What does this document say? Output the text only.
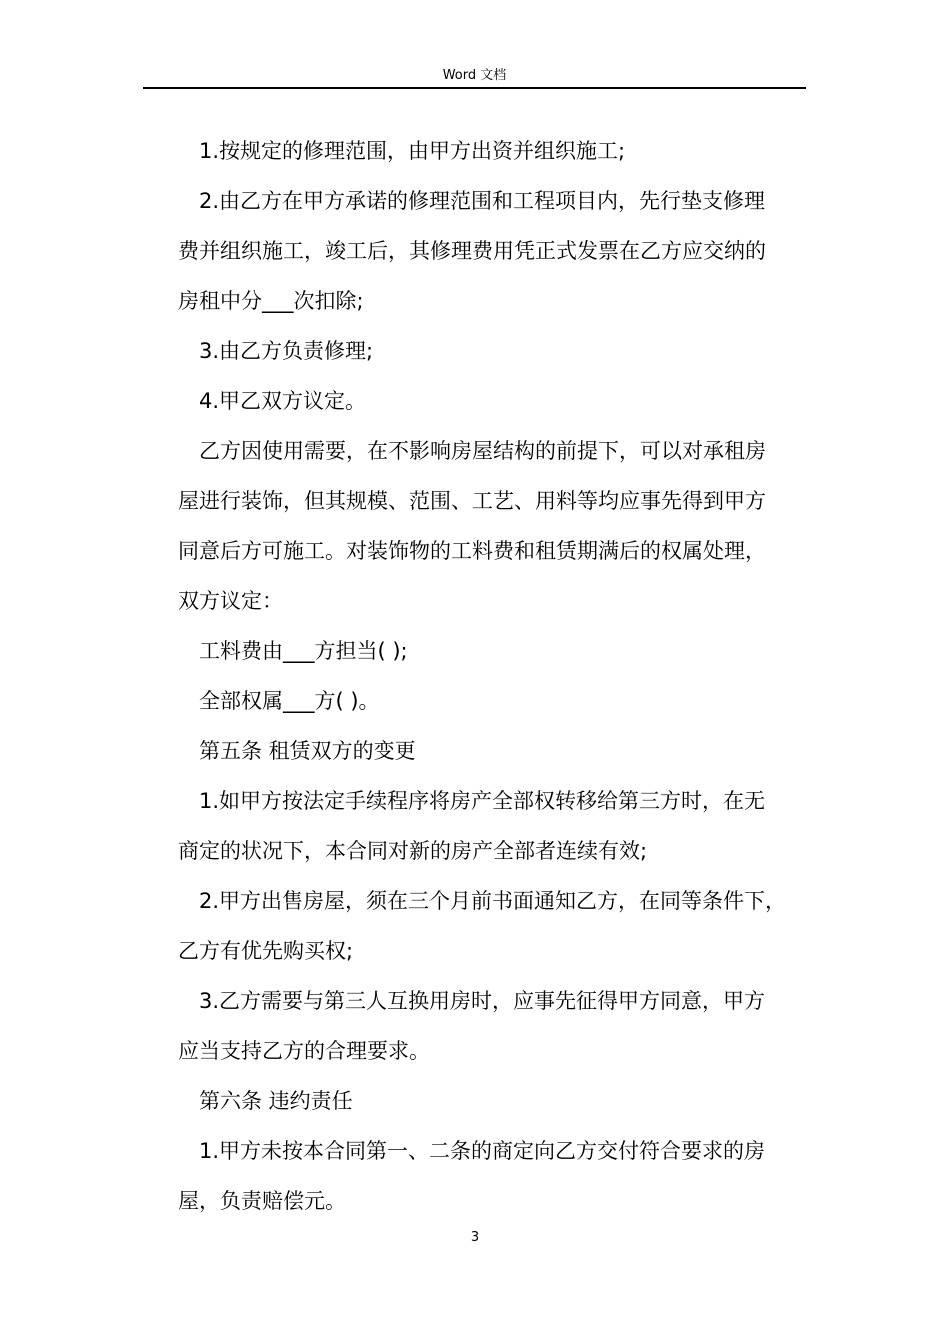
Word 文档

1.按规定的修理范围，由甲方出资并组织施工;

2.由乙方在甲方承诺的修理范围和工程项目内，先行垫支修理

费并组织施工，竣工后，其修理费用凭正式发票在乙方应交纳的

房租中分___次扣除;

3.由乙方负责修理;

4.甲乙双方议定。

乙方因使用需要，在不影响房屋结构的前提下，可以对承租房

屋进行装饰，但其规模、范围、工艺、用料等均应事先得到甲方

同意后方可施工。对装饰物的工料费和租赁期满后的权属处理，

双方议定：

工料费由___方担当( );

全部权属___方( )。

第五条 租赁双方的变更

1.如甲方按法定手续程序将房产全部权转移给第三方时，在无

商定的状况下，本合同对新的房产全部者连续有效;

2.甲方出售房屋，须在三个月前书面通知乙方，在同等条件下，

乙方有优先购买权;

3.乙方需要与第三人互换用房时，应事先征得甲方同意，甲方

应当支持乙方的合理要求。

第六条 违约责任

1.甲方未按本合同第一、二条的商定向乙方交付符合要求的房

屋，负责赔偿元。

3
